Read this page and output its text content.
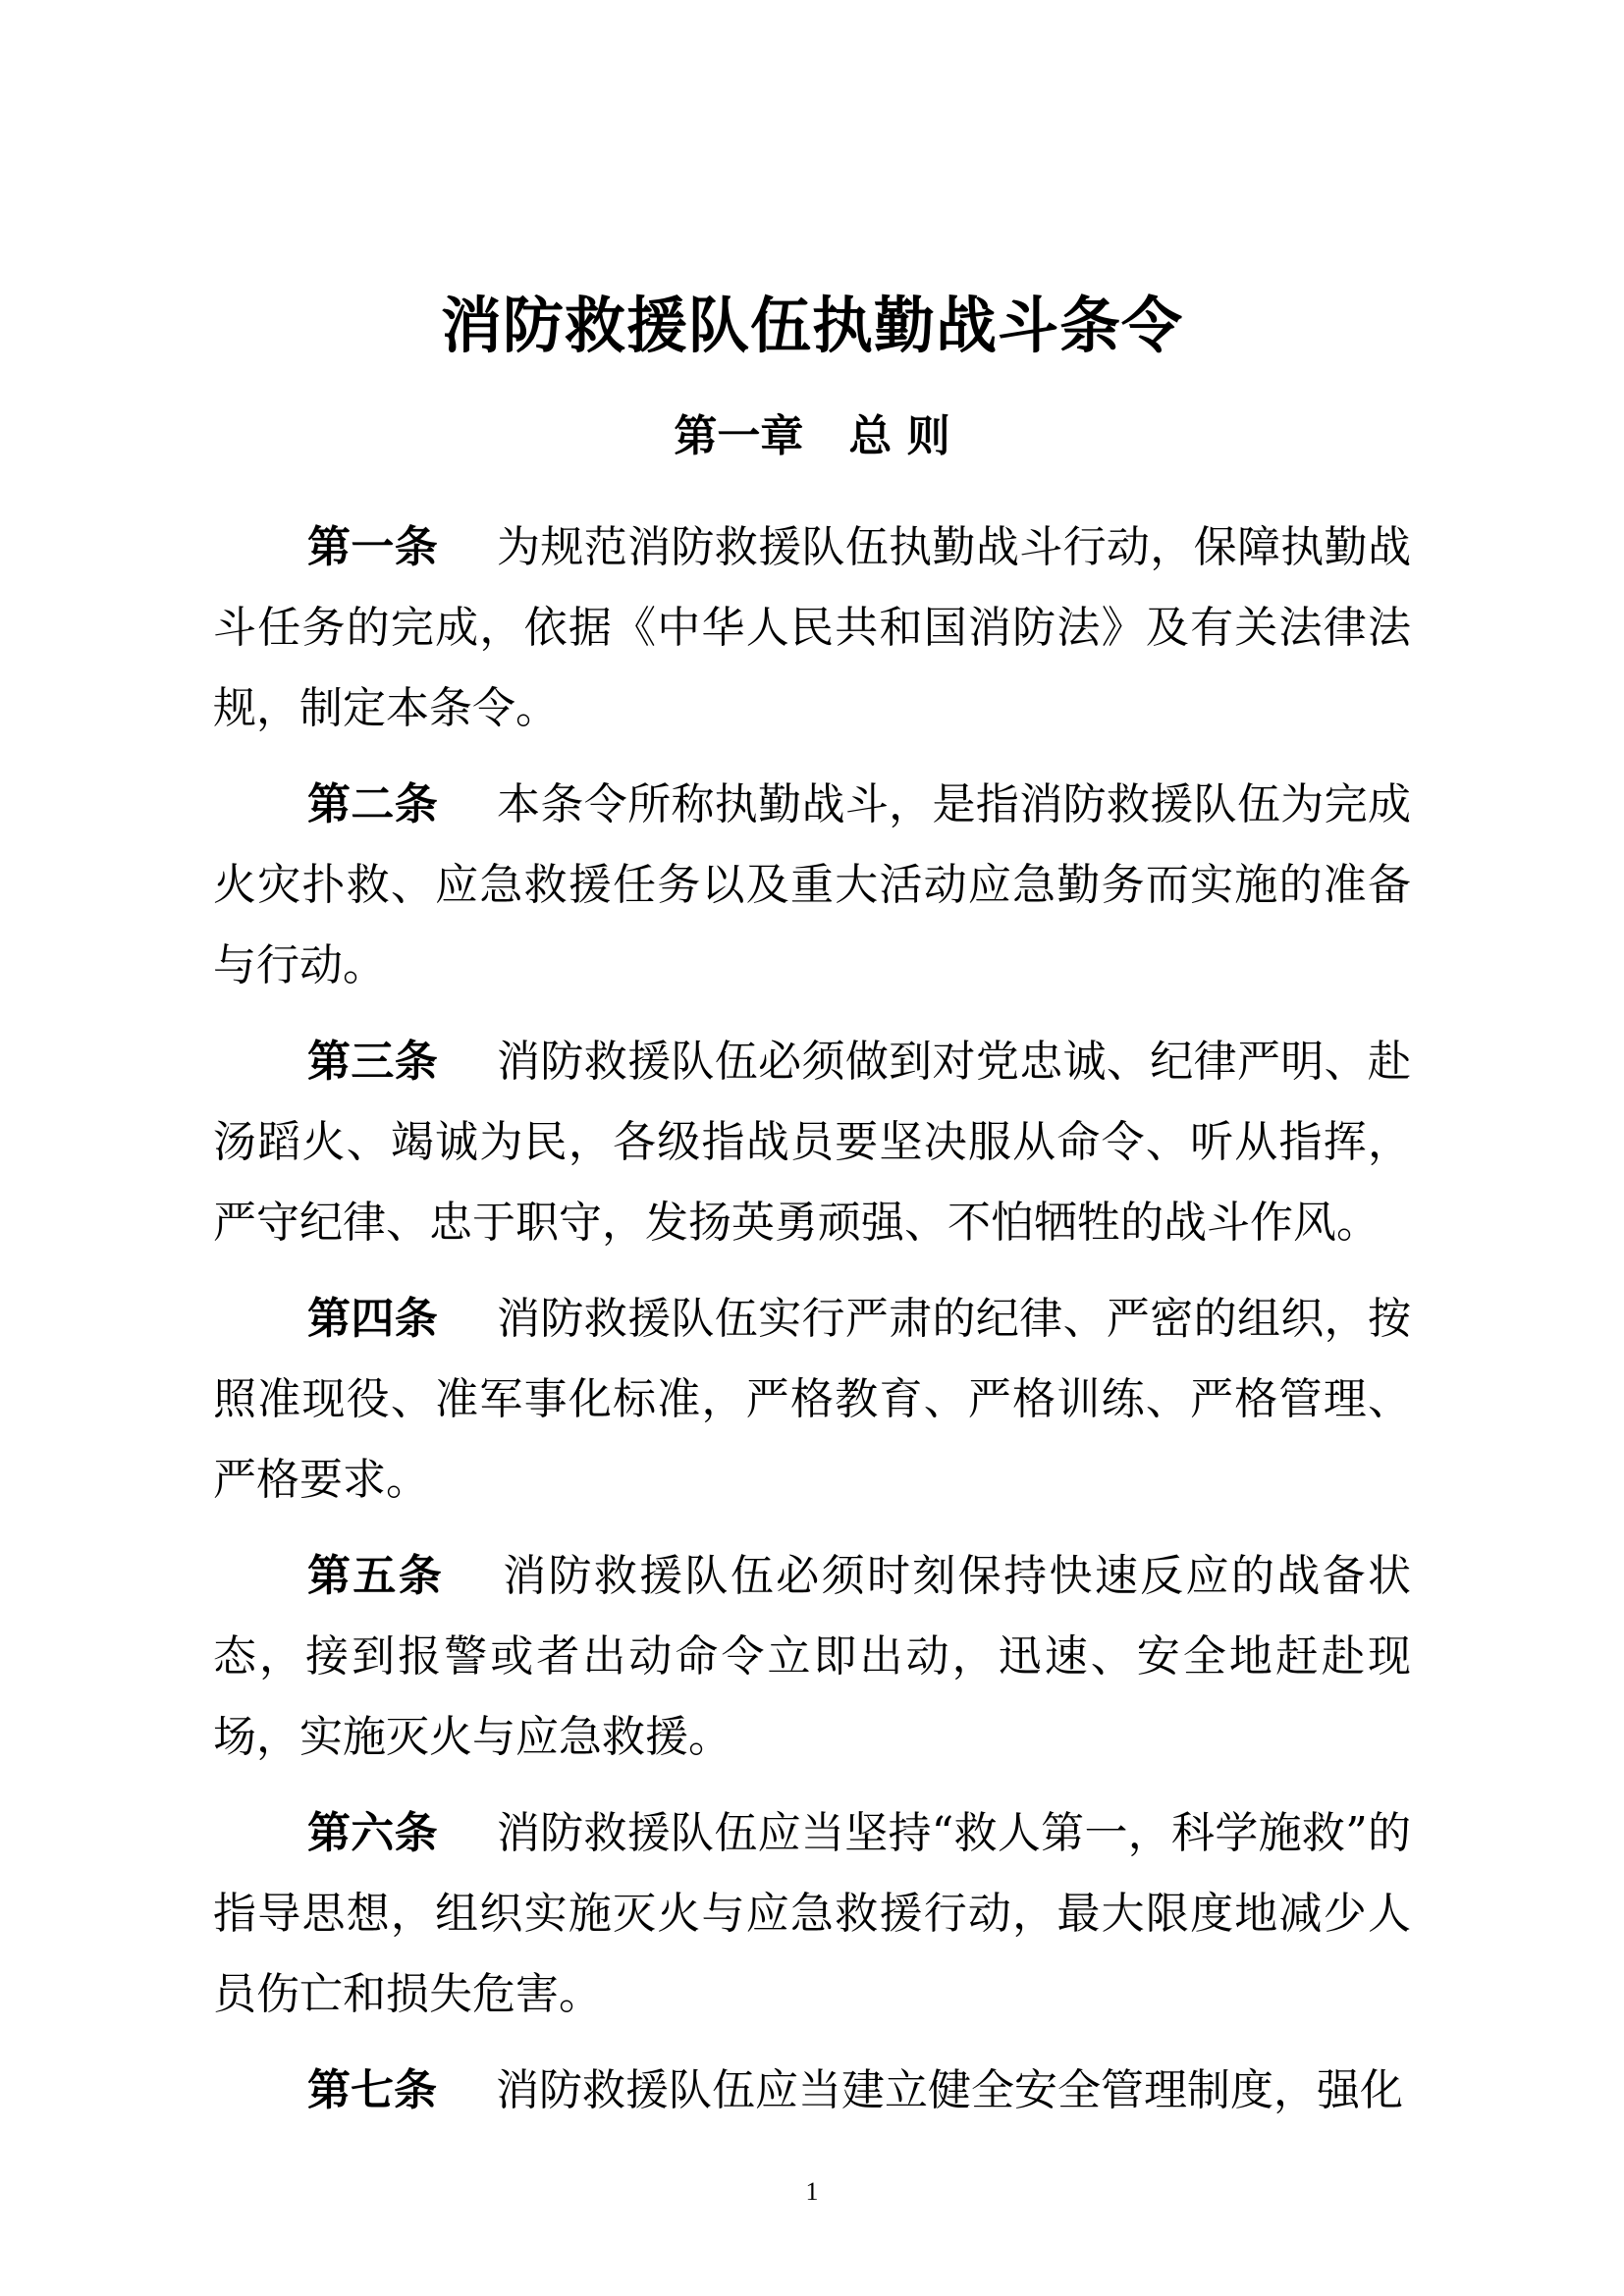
消防救援队伍执勤战斗条令
第一章   总 则

第一条 为规范消防救援队伍执勤战斗行动，保障执勤战斗任务的完成，依据《中华人民共和国消防法》及有关法律法规，制定本条令。

第二条 本条令所称执勤战斗，是指消防救援队伍为完成火灾扑救、应急救援任务以及重大活动应急勤务而实施的准备与行动。

第三条 消防救援队伍必须做到对党忠诚、纪律严明、赴汤蹈火、竭诚为民，各级指战员要坚决服从命令、听从指挥，严守纪律、忠于职守，发扬英勇顽强、不怕牺牲的战斗作风。

第四条 消防救援队伍实行严肃的纪律、严密的组织，按照准现役、准军事化标准，严格教育、严格训练、严格管理、严格要求。

第五条 消防救援队伍必须时刻保持快速反应的战备状态，接到报警或者出动命令立即出动，迅速、安全地赶赴现场，实施灭火与应急救援。

第六条 消防救援队伍应当坚持“救人第一，科学施救”的指导思想，组织实施灭火与应急救援行动，最大限度地减少人员伤亡和损失危害。

第七条 消防救援队伍应当建立健全安全管理制度，强化

1
